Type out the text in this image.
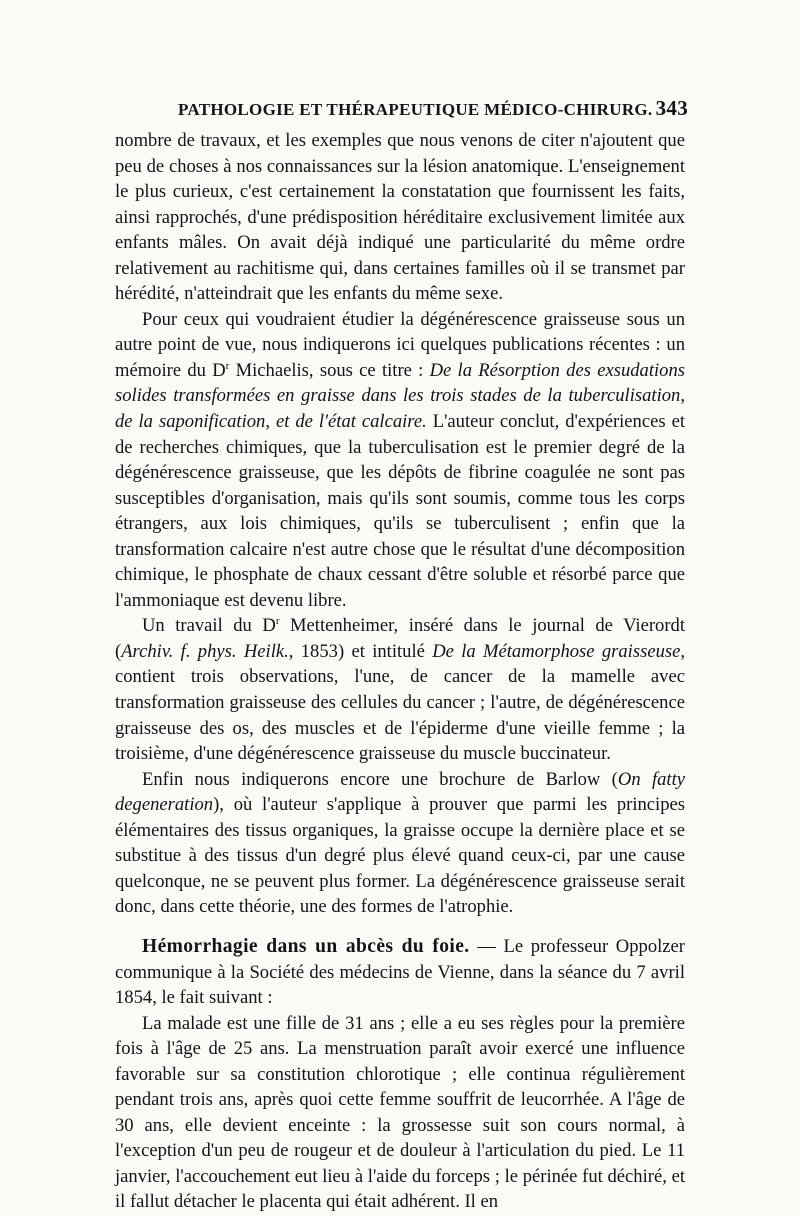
PATHOLOGIE ET THÉRAPEUTIQUE MÉDICO-CHIRURG. 343

nombre de travaux, et les exemples que nous venons de citer n'ajoutent que peu de choses à nos connaissances sur la lésion anatomique. L'enseignement le plus curieux, c'est certainement la constatation que fournissent les faits, ainsi rapprochés, d'une prédisposition héréditaire exclusivement limitée aux enfants mâles. On avait déjà indiqué une particularité du même ordre relativement au rachitisme qui, dans certaines familles où il se transmet par hérédité, n'atteindrait que les enfants du même sexe.

Pour ceux qui voudraient étudier la dégénérescence graisseuse sous un autre point de vue, nous indiquerons ici quelques publications récentes : un mémoire du $D^r$ Michaelis, sous ce titre : De la Résorption des exsudations solides transformées en graisse dans les trois stades de la tuberculisation, de la saponification, et de l'état calcaire. L'auteur conclut, d'expériences et de recherches chimiques, que la tuberculisation est le premier degré de la dégénérescence graisseuse, que les dépôts de fibrine coagulée ne sont pas susceptibles d'organisation, mais qu'ils sont soumis, comme tous les corps étrangers, aux lois chimiques, qu'ils se tuberculisent ; enfin que la transformation calcaire n'est autre chose que le résultat d'une décomposition chimique, le phosphate de chaux cessant d'être soluble et résorbé parce que l'ammoniaque est devenu libre.

Un travail du $D^r$ Mettenheimer, inséré dans le journal de Vierordt (Archiv. f. phys. Heilk., 1853) et intitulé De la Métamorphose graisseuse, contient trois observations, l'une, de cancer de la mamelle avec transformation graisseuse des cellules du cancer ; l'autre, de dégénérescence graisseuse des os, des muscles et de l'épiderme d'une vieille femme ; la troisième, d'une dégénérescence graisseuse du muscle buccinateur.

Enfin nous indiquerons encore une brochure de Barlow (On fatty degeneration), où l'auteur s'applique à prouver que parmi les principes élémentaires des tissus organiques, la graisse occupe la dernière place et se substitue à des tissus d'un degré plus élevé quand ceux-ci, par une cause quelconque, ne se peuvent plus former. La dégénérescence graisseuse serait donc, dans cette théorie, une des formes de l'atrophie.

Hémorrhagie dans un abcès du foie. — Le professeur Oppolzer communique à la Société des médecins de Vienne, dans la séance du 7 avril 1854, le fait suivant :

La malade est une fille de 31 ans ; elle a eu ses règles pour la première fois à l'âge de 25 ans. La menstruation paraît avoir exercé une influence favorable sur sa constitution chlorotique ; elle continua régulièrement pendant trois ans, après quoi cette femme souffrit de leucorrhée. A l'âge de 30 ans, elle devient enceinte : la grossesse suit son cours normal, à l'exception d'un peu de rougeur et de douleur à l'articulation du pied. Le 11 janvier, l'accouchement eut lieu à l'aide du forceps ; le périnée fut déchiré, et il fallut détacher le placenta qui était adhérent. Il en
